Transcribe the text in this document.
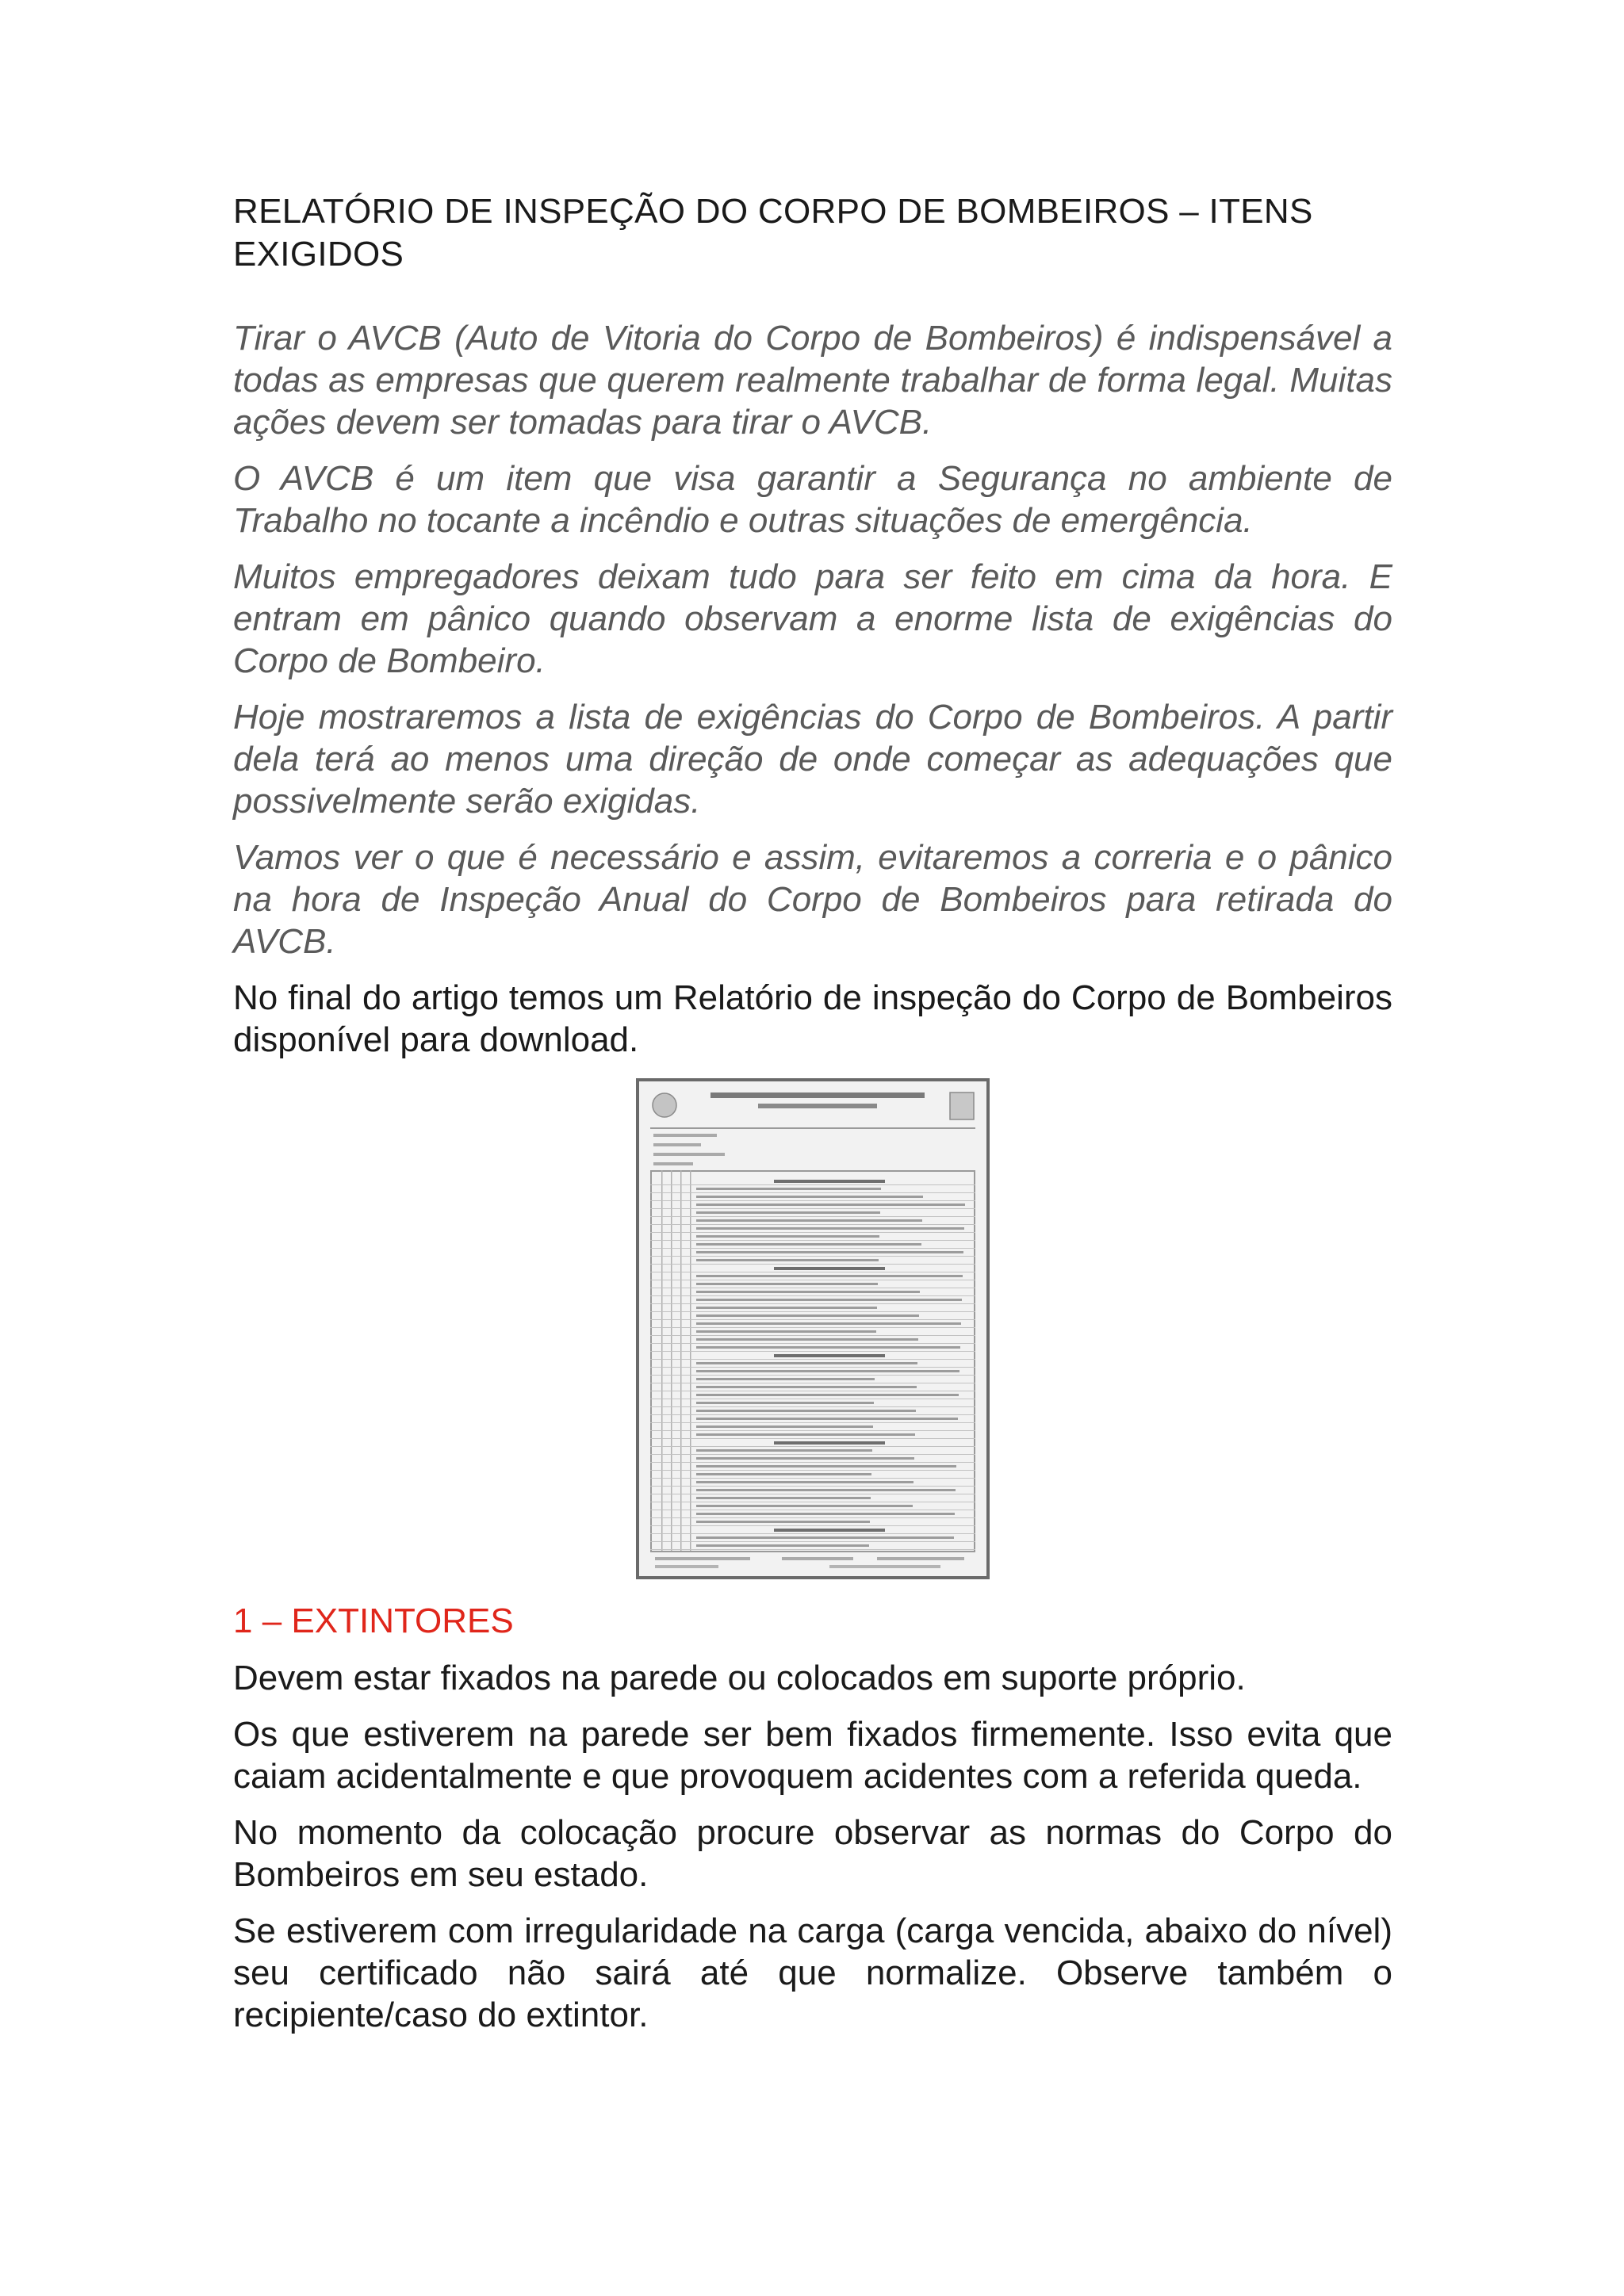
RELATÓRIO DE INSPEÇÃO DO CORPO DE BOMBEIROS – ITENS EXIGIDOS

Tirar o AVCB (Auto de Vitoria do Corpo de Bombeiros) é indispensável a todas as empresas que querem realmente trabalhar de forma legal. Muitas ações devem ser tomadas para tirar o AVCB.

O AVCB é um item que visa garantir a Segurança no ambiente de Trabalho no tocante a incêndio e outras situações de emergência.

Muitos empregadores deixam tudo para ser feito em cima da hora. E entram em pânico quando observam a enorme lista de exigências do Corpo de Bombeiro.

Hoje mostraremos a lista de exigências do Corpo de Bombeiros. A partir dela terá ao menos uma direção de onde começar as adequações que possivelmente serão exigidas.

Vamos ver o que é necessário e assim, evitaremos a correria e o pânico na hora de Inspeção Anual do Corpo de Bombeiros para retirada do AVCB.

No final do artigo temos um Relatório de inspeção do Corpo de Bombeiros disponível para download.

1 – EXTINTORES

Devem estar fixados na parede ou colocados em suporte próprio.

Os que estiverem na parede ser bem fixados firmemente. Isso evita que caiam acidentalmente e que provoquem acidentes com a referida queda.

No momento da colocação procure observar as normas do Corpo do Bombeiros em seu estado.

Se estiverem com irregularidade na carga (carga vencida, abaixo do nível) seu certificado não sairá até que normalize. Observe também o recipiente/caso do extintor.
